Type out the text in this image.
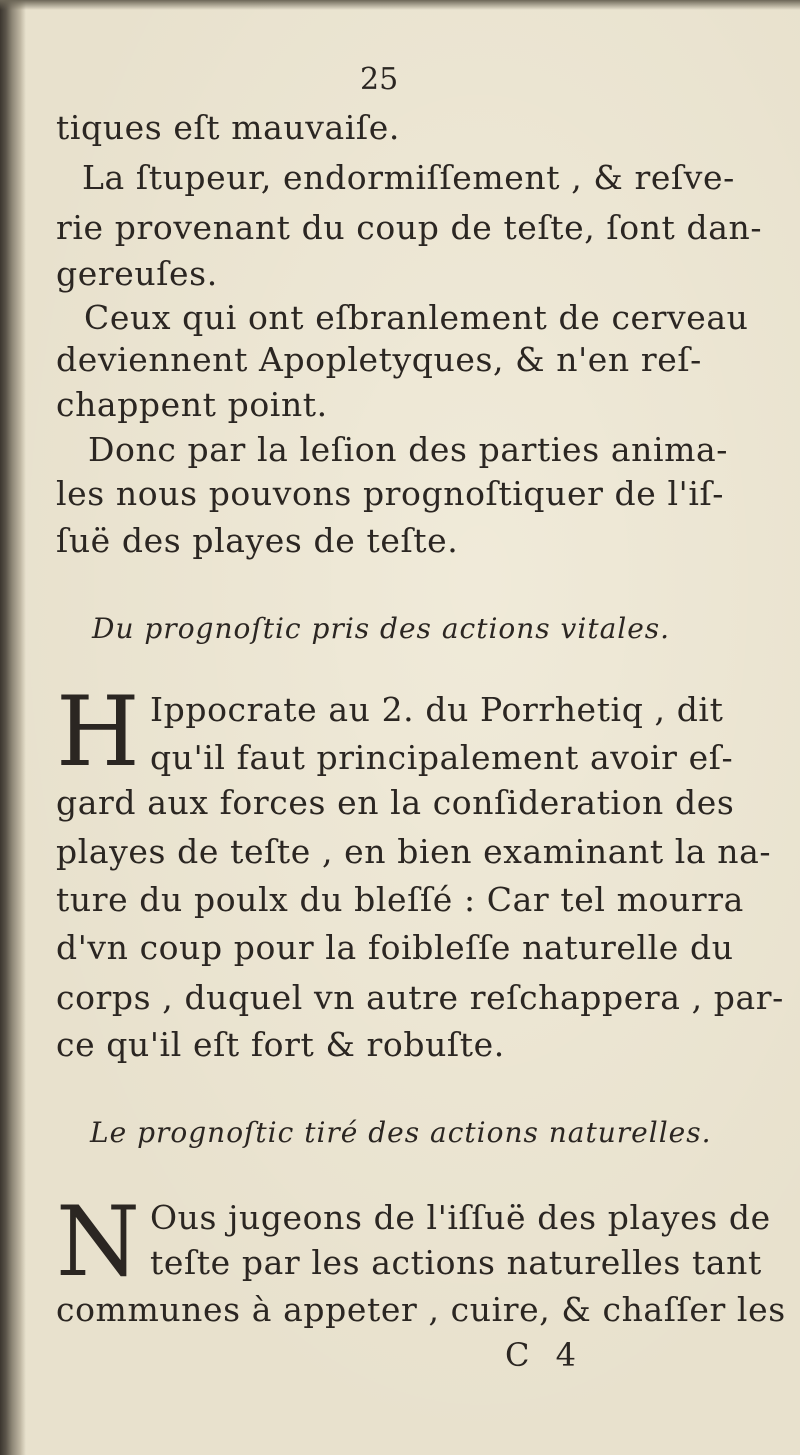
25
tiques eſt mauvaiſe.
La ſtupeur, endormiſſement , & reſve-
rie provenant du coup de teſte, ſont dan-
gereuſes.
Ceux qui ont eſbranlement de cerveau
deviennent Apopletyques, & n'en reſ-
chappent point.
Donc par la leſion des parties anima-
les nous pouvons prognoſtiquer de l'iſ-
ſuë des playes de teſte.
Du prognoſtic pris des actions vitales.
H Ippocrate au 2. du Porrhetiq , dit
qu'il faut principalement avoir eſ-
gard aux forces en la conſideration des
playes de teſte , en bien examinant la na-
ture du poulx du bleſſé : Car tel mourra
d'vn coup pour la foibleſſe naturelle du
corps , duquel vn autre reſchappera , par-
ce qu'il eſt fort & robuſte.
Le prognoſtic tiré des actions naturelles.
N Ous jugeons de l'iſſuë des playes de
teſte par les actions naturelles tant
communes à appeter , cuire, & chaſſer les
C 4
